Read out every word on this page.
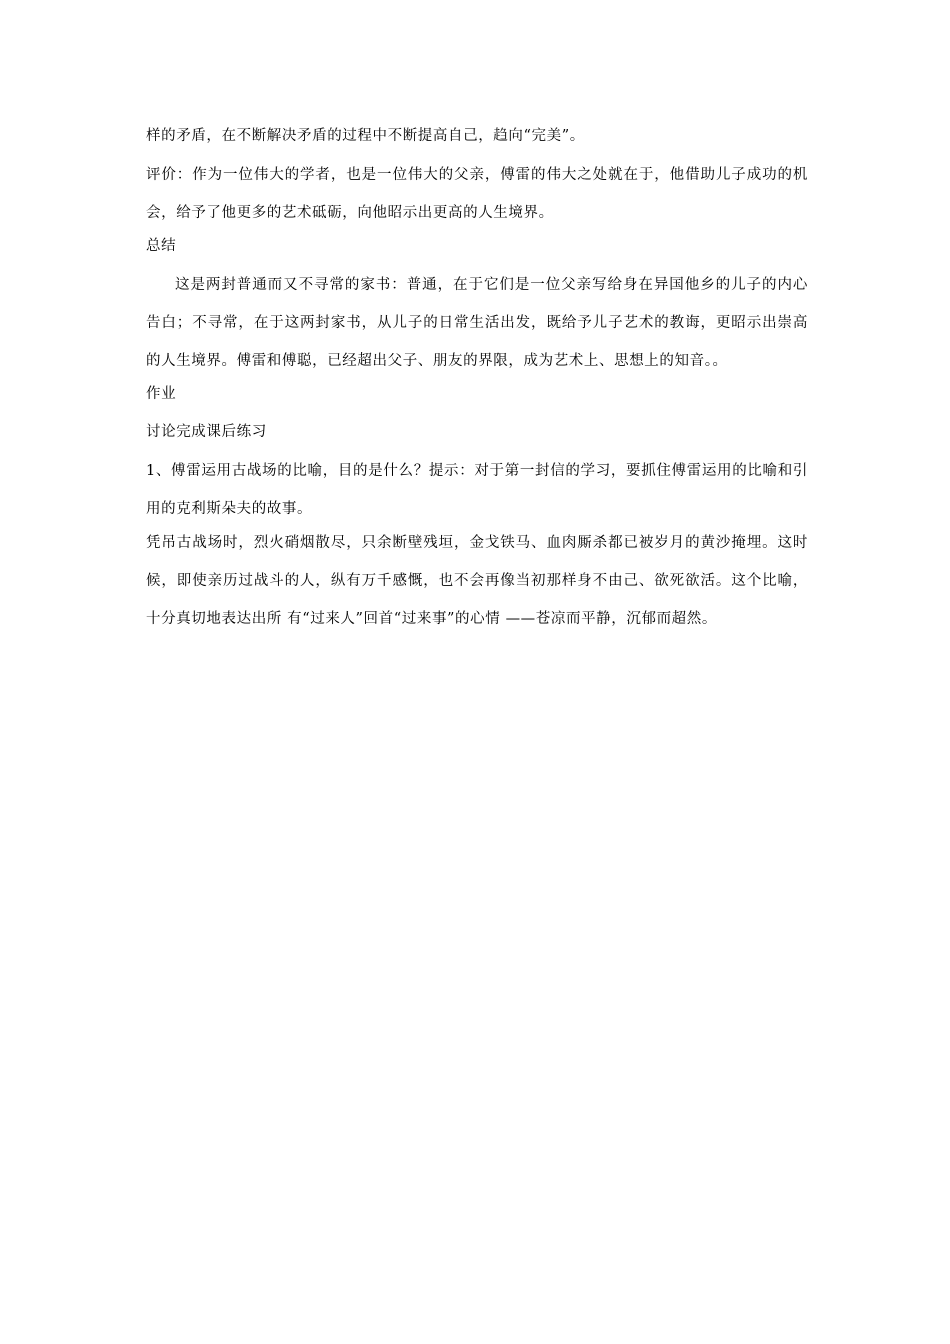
样的矛盾，在不断解决矛盾的过程中不断提高自己，趋向“完美”。

评价：作为一位伟大的学者，也是一位伟大的父亲，傅雷的伟大之处就在于，他借助儿子成功的机会，给予了他更多的艺术砥砺，向他昭示出更高的人生境界。

总结

这是两封普通而又不寻常的家书：普通，在于它们是一位父亲写给身在异国他乡的儿子的内心告白；不寻常，在于这两封家书，从儿子的日常生活出发，既给予儿子艺术的教诲，更昭示出崇高的人生境界。傅雷和傅聪，已经超出父子、朋友的界限，成为艺术上、思想上的知音。。

作业

讨论完成课后练习

1、傅雷运用古战场的比喻，目的是什么？提示：对于第一封信的学习，要抓住傅雷运用的比喻和引用的克利斯朵夫的故事。

凭吊古战场时，烈火硝烟散尽，只余断壁残垣，金戈铁马、血肉厮杀都已被岁月的黄沙掩埋。这时候，即使亲历过战斗的人，纵有万千感慨，也不会再像当初那样身不由己、欲死欲活。这个比喻，十分真切地表达出所 有“过来人”回首“过来事”的心情 ——苍凉而平静，沉郁而超然。
